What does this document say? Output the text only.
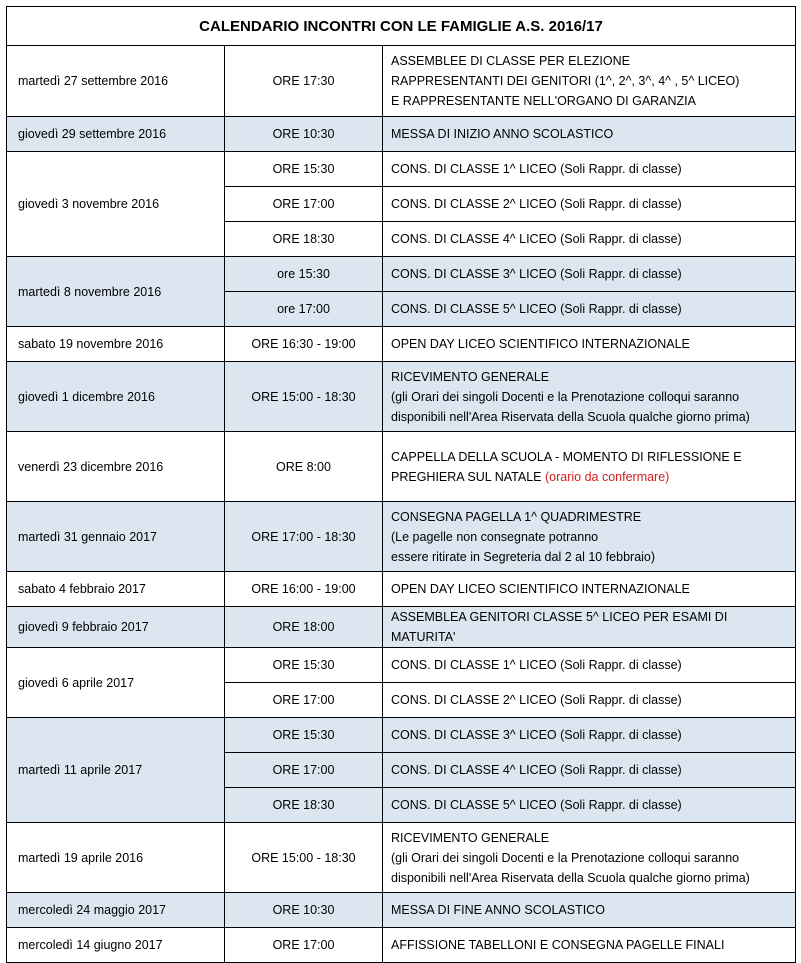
CALENDARIO INCONTRI CON LE FAMIGLIE A.S. 2016/17		
martedì 27 settembre 2016	ORE 17:30	ASSEMBLEE DI CLASSE PER ELEZIONE
RAPPRESENTANTI DEI GENITORI (1^, 2^, 3^, 4^ , 5^ LICEO)
E RAPPRESENTANTE NELL'ORGANO DI GARANZIA

giovedì 29 settembre 2016	ORE 10:30	MESSA DI INIZIO ANNO SCOLASTICO
giovedì 3 novembre 2016	ORE 15:30	CONS. DI CLASSE 1^ LICEO (Soli Rappr. di classe)
	ORE 17:00	CONS. DI CLASSE 2^ LICEO (Soli Rappr. di classe)
	ORE 18:30	CONS. DI CLASSE 4^ LICEO (Soli Rappr. di classe)
martedì 8 novembre 2016	ore 15:30	CONS. DI CLASSE 3^ LICEO (Soli Rappr. di classe)
	ore 17:00	CONS. DI CLASSE 5^ LICEO (Soli Rappr. di classe)
sabato 19 novembre 2016	ORE 16:30 - 19:00	OPEN DAY LICEO SCIENTIFICO INTERNAZIONALE
giovedì 1 dicembre 2016	ORE 15:00 - 18:30	RICEVIMENTO GENERALE
(gli Orari dei singoli Docenti e la Prenotazione colloqui saranno
disponibili nell'Area Riservata della Scuola qualche giorno prima)

venerdì 23 dicembre 2016	ORE 8:00	CAPPELLA DELLA SCUOLA - MOMENTO DI RIFLESSIONE E
PREGHIERA SUL NATALE (orario da confermare)

martedì 31 gennaio 2017	ORE 17:00 - 18:30	CONSEGNA PAGELLA 1^ QUADRIMESTRE
(Le pagelle non consegnate potranno
essere ritirate in Segreteria dal 2 al 10 febbraio)

sabato 4 febbraio 2017	ORE 16:00 - 19:00	OPEN DAY LICEO SCIENTIFICO INTERNAZIONALE
giovedì 9 febbraio 2017	ORE 18:00	ASSEMBLEA GENITORI CLASSE 5^ LICEO PER ESAMI DI MATURITA'
giovedì 6 aprile 2017	ORE 15:30	CONS. DI CLASSE 1^ LICEO (Soli Rappr. di classe)
	ORE 17:00	CONS. DI CLASSE 2^ LICEO (Soli Rappr. di classe)
martedì 11 aprile 2017	ORE 15:30	CONS. DI CLASSE 3^ LICEO (Soli Rappr. di classe)
	ORE 17:00	CONS. DI CLASSE 4^ LICEO (Soli Rappr. di classe)
	ORE 18:30	CONS. DI CLASSE 5^ LICEO (Soli Rappr. di classe)
martedì 19 aprile 2016	ORE 15:00 - 18:30	RICEVIMENTO GENERALE
(gli Orari dei singoli Docenti e la Prenotazione colloqui saranno
disponibili nell'Area Riservata della Scuola qualche giorno prima)

mercoledì 24 maggio 2017	ORE 10:30	MESSA DI FINE ANNO SCOLASTICO
mercoledì 14 giugno 2017	ORE 17:00	AFFISSIONE TABELLONI E CONSEGNA PAGELLE FINALI
